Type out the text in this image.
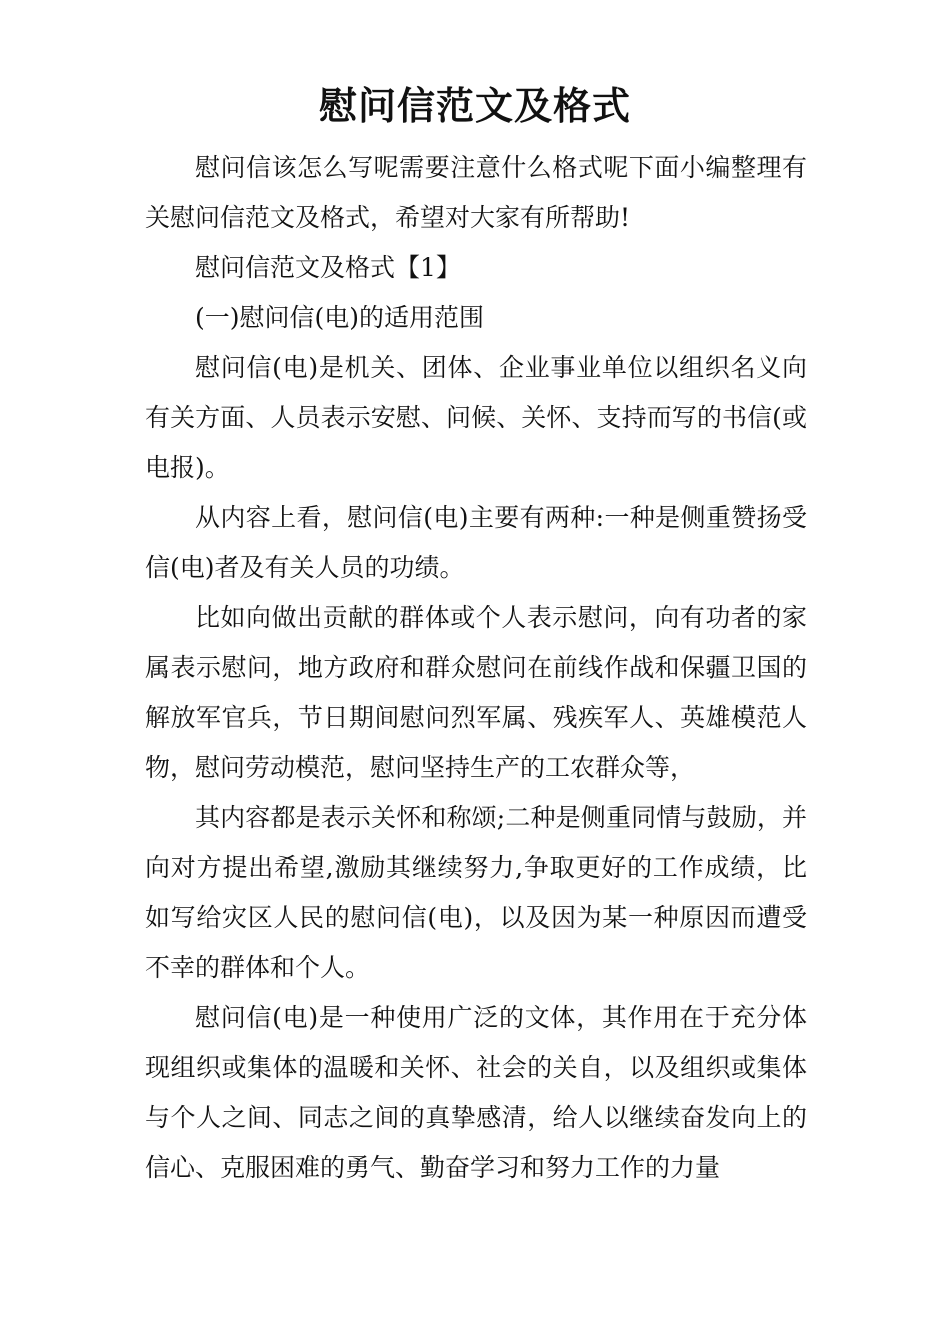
慰问信范文及格式

慰问信该怎么写呢需要注意什么格式呢下面小编整理有关慰问信范文及格式，希望对大家有所帮助!

慰问信范文及格式【1】

(一)慰问信(电)的适用范围

慰问信(电)是机关、团体、企业事业单位以组织名义向有关方面、人员表示安慰、问候、关怀、支持而写的书信(或电报)。

从内容上看，慰问信(电)主要有两种:一种是侧重赞扬受信(电)者及有关人员的功绩。

比如向做出贡献的群体或个人表示慰问，向有功者的家属表示慰问，地方政府和群众慰问在前线作战和保疆卫国的解放军官兵，节日期间慰问烈军属、残疾军人、英雄模范人物，慰问劳动模范，慰问坚持生产的工农群众等，

其内容都是表示关怀和称颂;二种是侧重同情与鼓励，并向对方提出希望,激励其继续努力,争取更好的工作成绩，比如写给灾区人民的慰问信(电)，以及因为某一种原因而遭受不幸的群体和个人。

慰问信(电)是一种使用广泛的文体，其作用在于充分体现组织或集体的温暖和关怀、社会的关自，以及组织或集体与个人之间、同志之间的真挚感清，给人以继续奋发向上的信心、克服困难的勇气、勤奋学习和努力工作的力量
